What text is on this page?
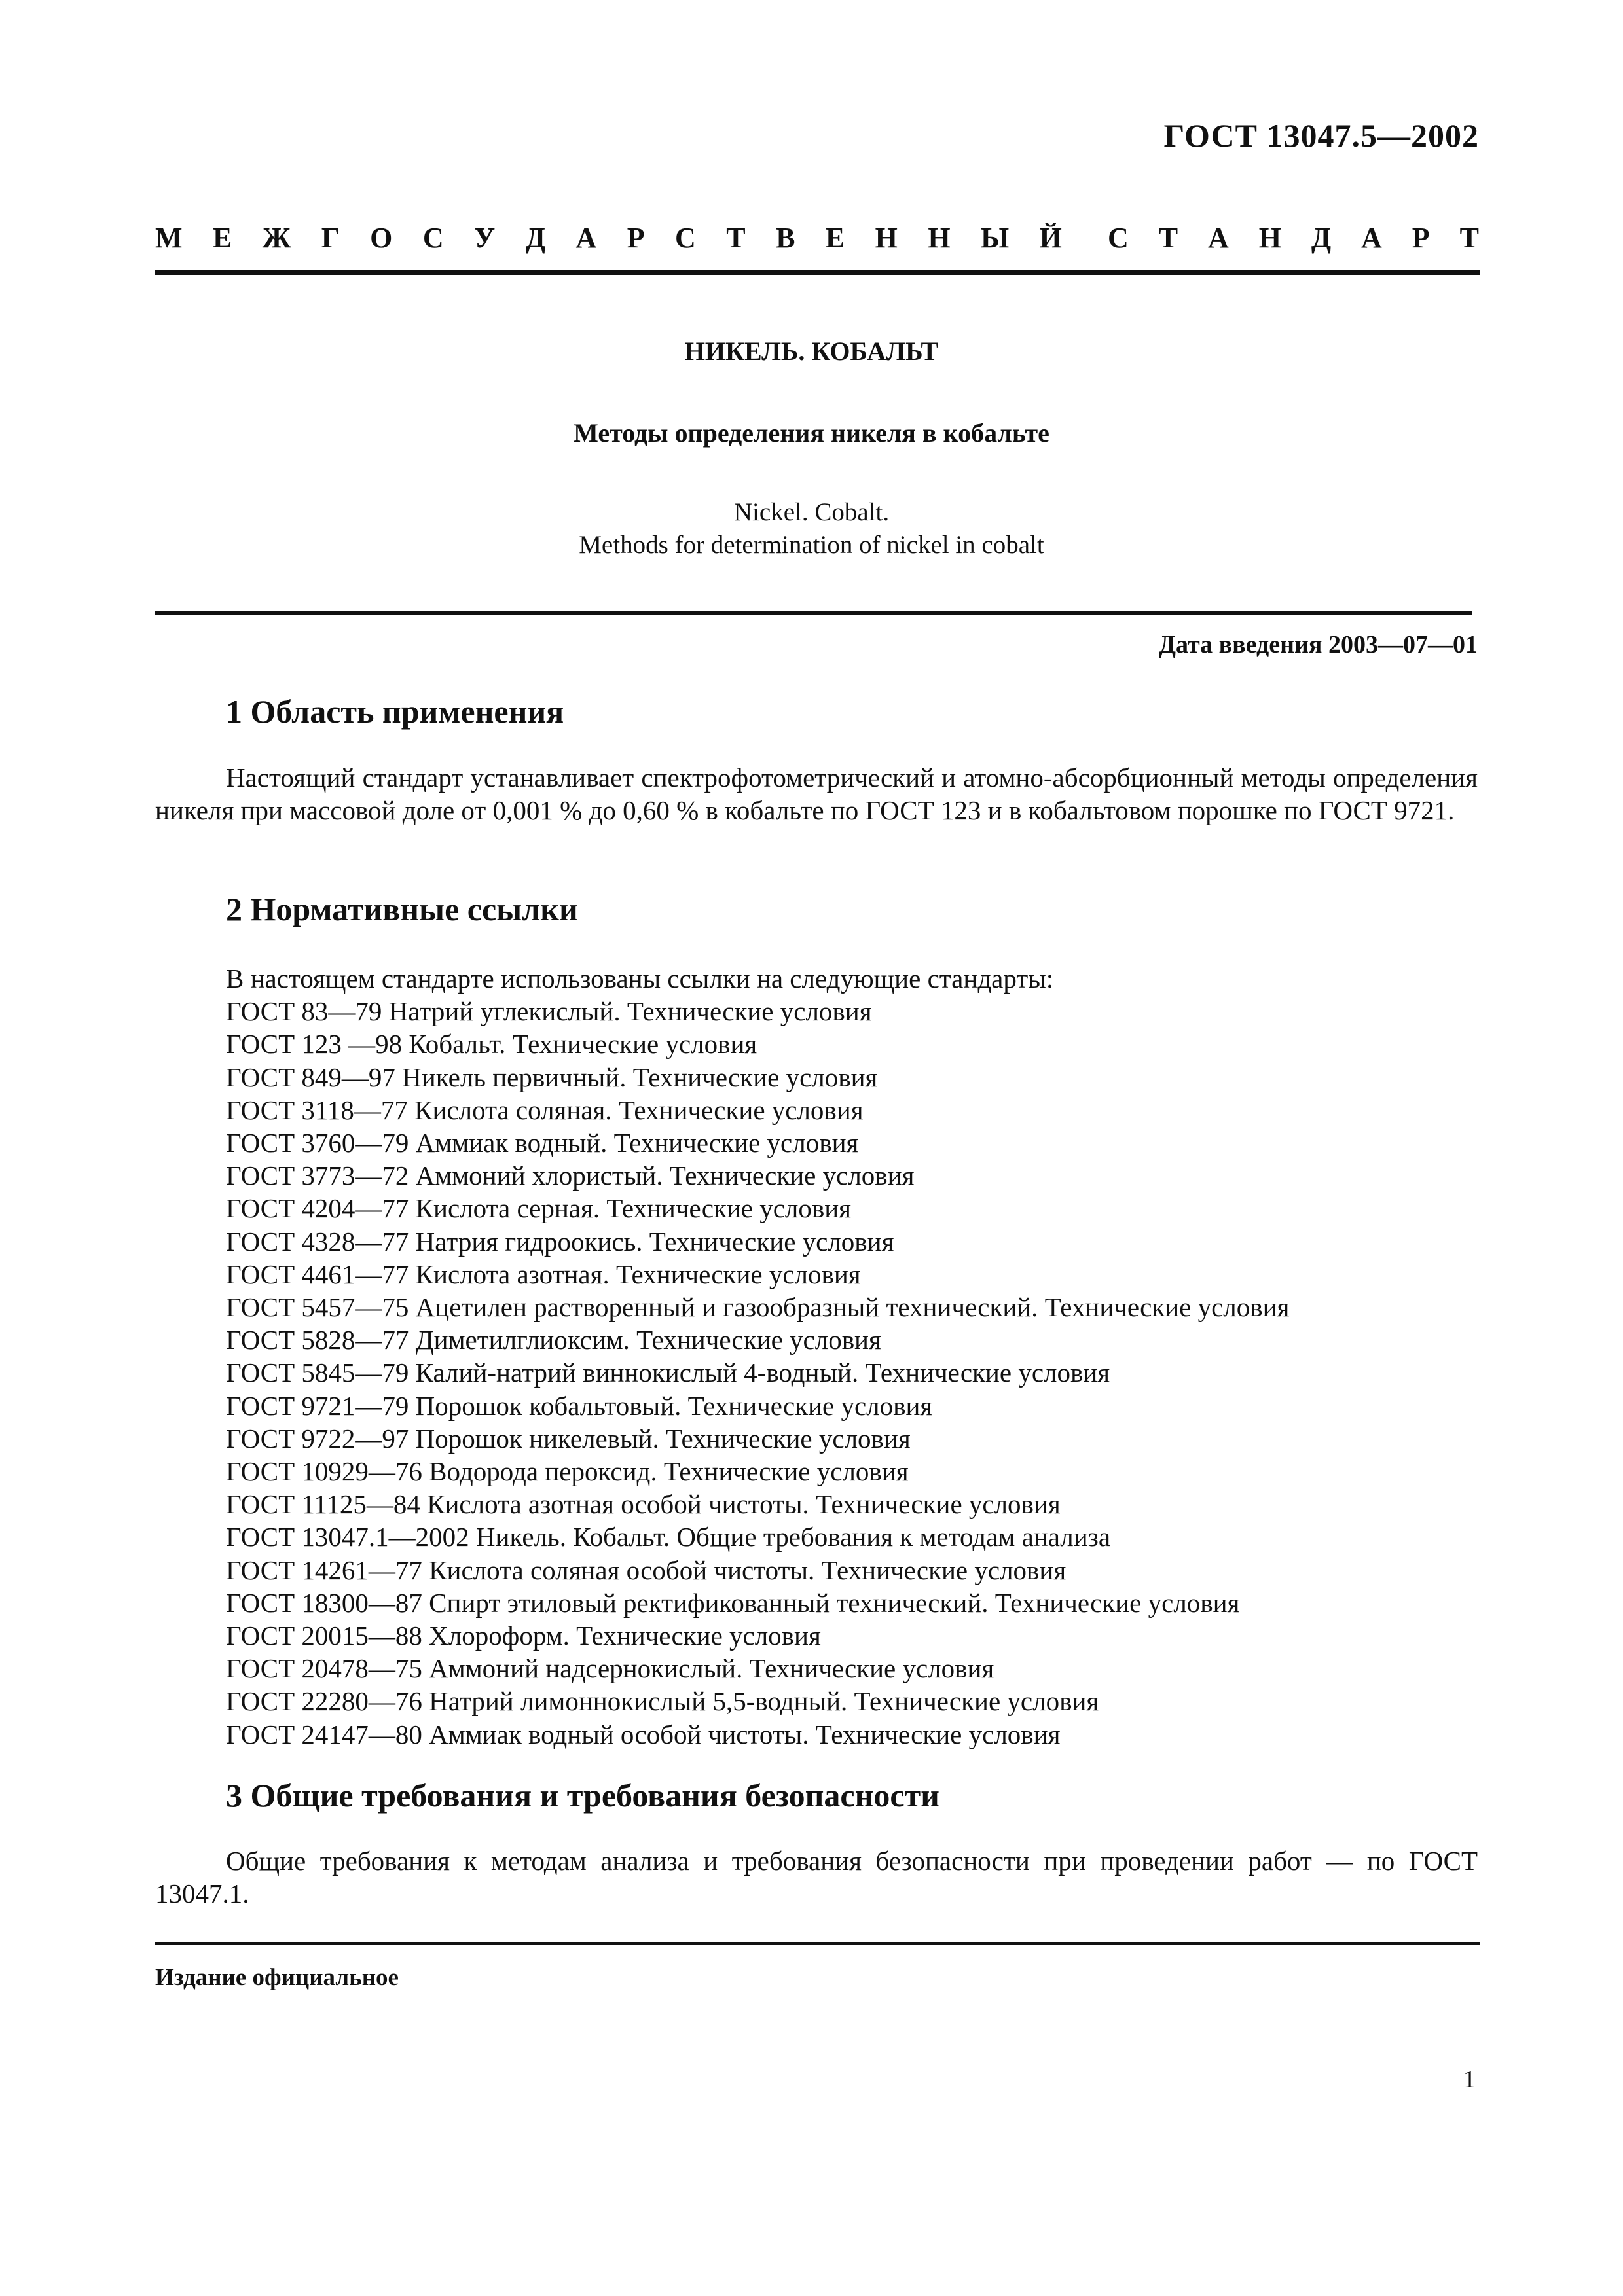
ГОСТ 13047.5—2002
М Е Ж Г О С У Д А Р С Т В Е Н Н Ы Й С Т А Н Д А Р Т
НИКЕЛЬ. КОБАЛЬТ
Методы определения никеля в кобальте
Nickel. Cobalt.
Methods for determination of nickel in cobalt
Дата введения 2003—07—01
1 Область применения

Настоящий стандарт устанавливает спектрофотометрический и атомно-абсорбционный методы определения никеля при массовой доле от 0,001 % до 0,60 % в кобальте по ГОСТ 123 и в кобальтовом порошке по ГОСТ 9721.

2 Нормативные ссылки
В настоящем стандарте использованы ссылки на следующие стандарты:
ГОСТ 83—79 Натрий углекислый. Технические условия
ГОСТ 123 —98 Кобальт. Технические условия
ГОСТ 849—97 Никель первичный. Технические условия
ГОСТ 3118—77 Кислота соляная. Технические условия
ГОСТ 3760—79 Аммиак водный. Технические условия
ГОСТ 3773—72 Аммоний хлористый. Технические условия
ГОСТ 4204—77 Кислота серная. Технические условия
ГОСТ 4328—77 Натрия гидроокись. Технические условия
ГОСТ 4461—77 Кислота азотная. Технические условия
ГОСТ 5457—75 Ацетилен растворенный и газообразный технический. Технические условия
ГОСТ 5828—77 Диметилглиоксим. Технические условия
ГОСТ 5845—79 Калий-натрий виннокислый 4-водный. Технические условия
ГОСТ 9721—79 Порошок кобальтовый. Технические условия
ГОСТ 9722—97 Порошок никелевый. Технические условия
ГОСТ 10929—76 Водорода пероксид. Технические условия
ГОСТ 11125—84 Кислота азотная особой чистоты. Технические условия
ГОСТ 13047.1—2002 Никель. Кобальт. Общие требования к методам анализа
ГОСТ 14261—77 Кислота соляная особой чистоты. Технические условия
ГОСТ 18300—87 Спирт этиловый ректификованный технический. Технические условия
ГОСТ 20015—88 Хлороформ. Технические условия
ГОСТ 20478—75 Аммоний надсернокислый. Технические условия
ГОСТ 22280—76 Натрий лимоннокислый 5,5-водный. Технические условия
ГОСТ 24147—80 Аммиак водный особой чистоты. Технические условия
3 Общие требования и требования безопасности

Общие требования к методам анализа и требования безопасности при проведении работ — по ГОСТ 13047.1.

Издание официальное
1
